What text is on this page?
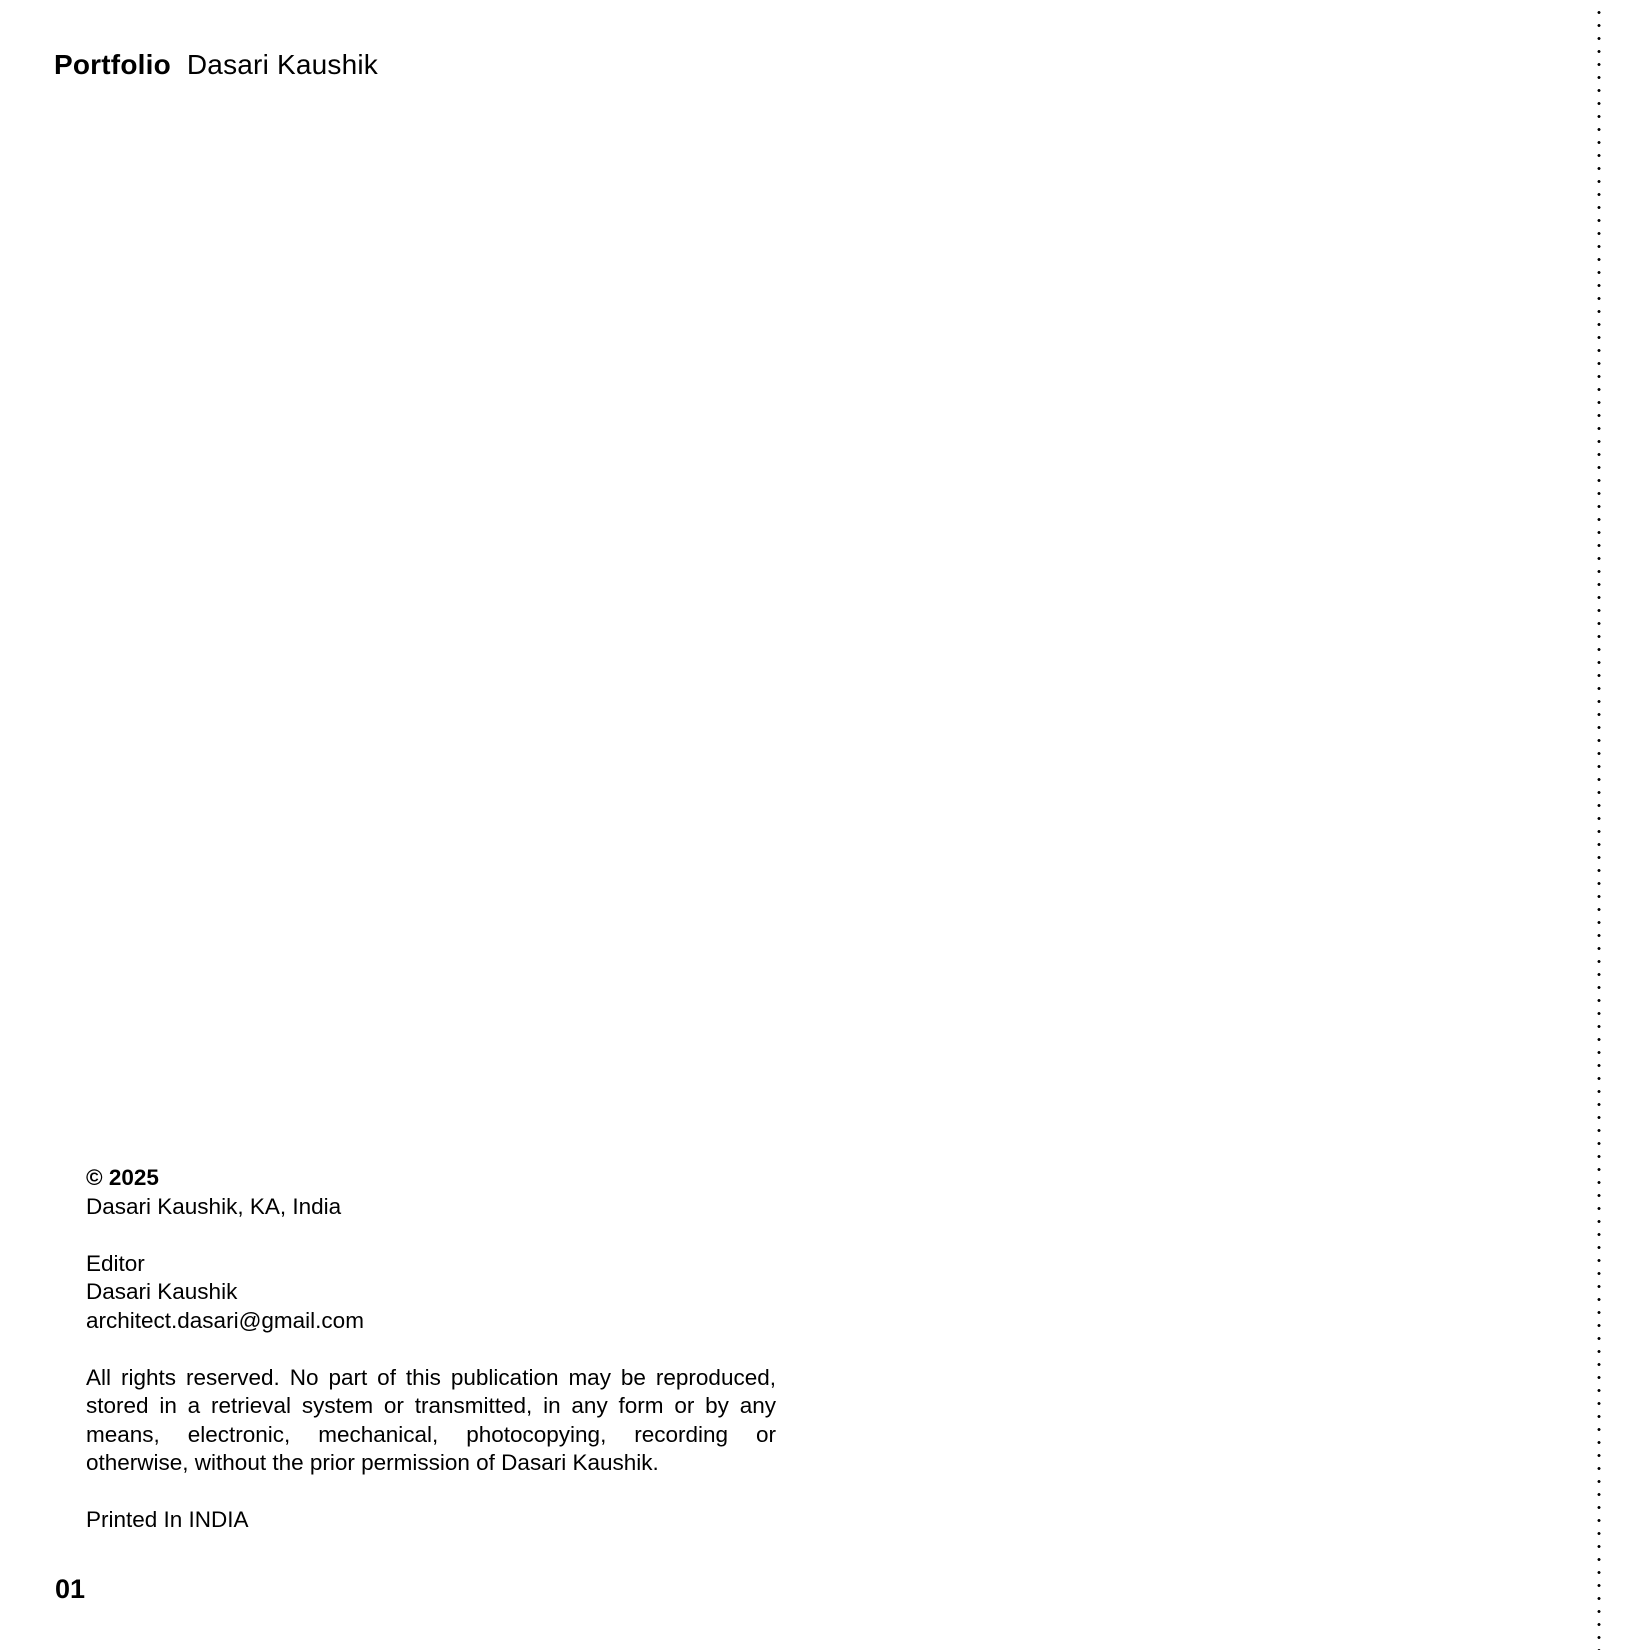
Portfolio Dasari Kaushik

© 2025

Dasari Kaushik, KA, India

Editor

Dasari Kaushik

architect.dasari@gmail.com

All rights reserved. No part of this publication may be reproduced, stored in a retrieval system or transmitted, in any form or by any means, electronic, mechanical, photocopying, recording or otherwise, without the prior permission of Dasari Kaushik.

Printed In INDIA

01
